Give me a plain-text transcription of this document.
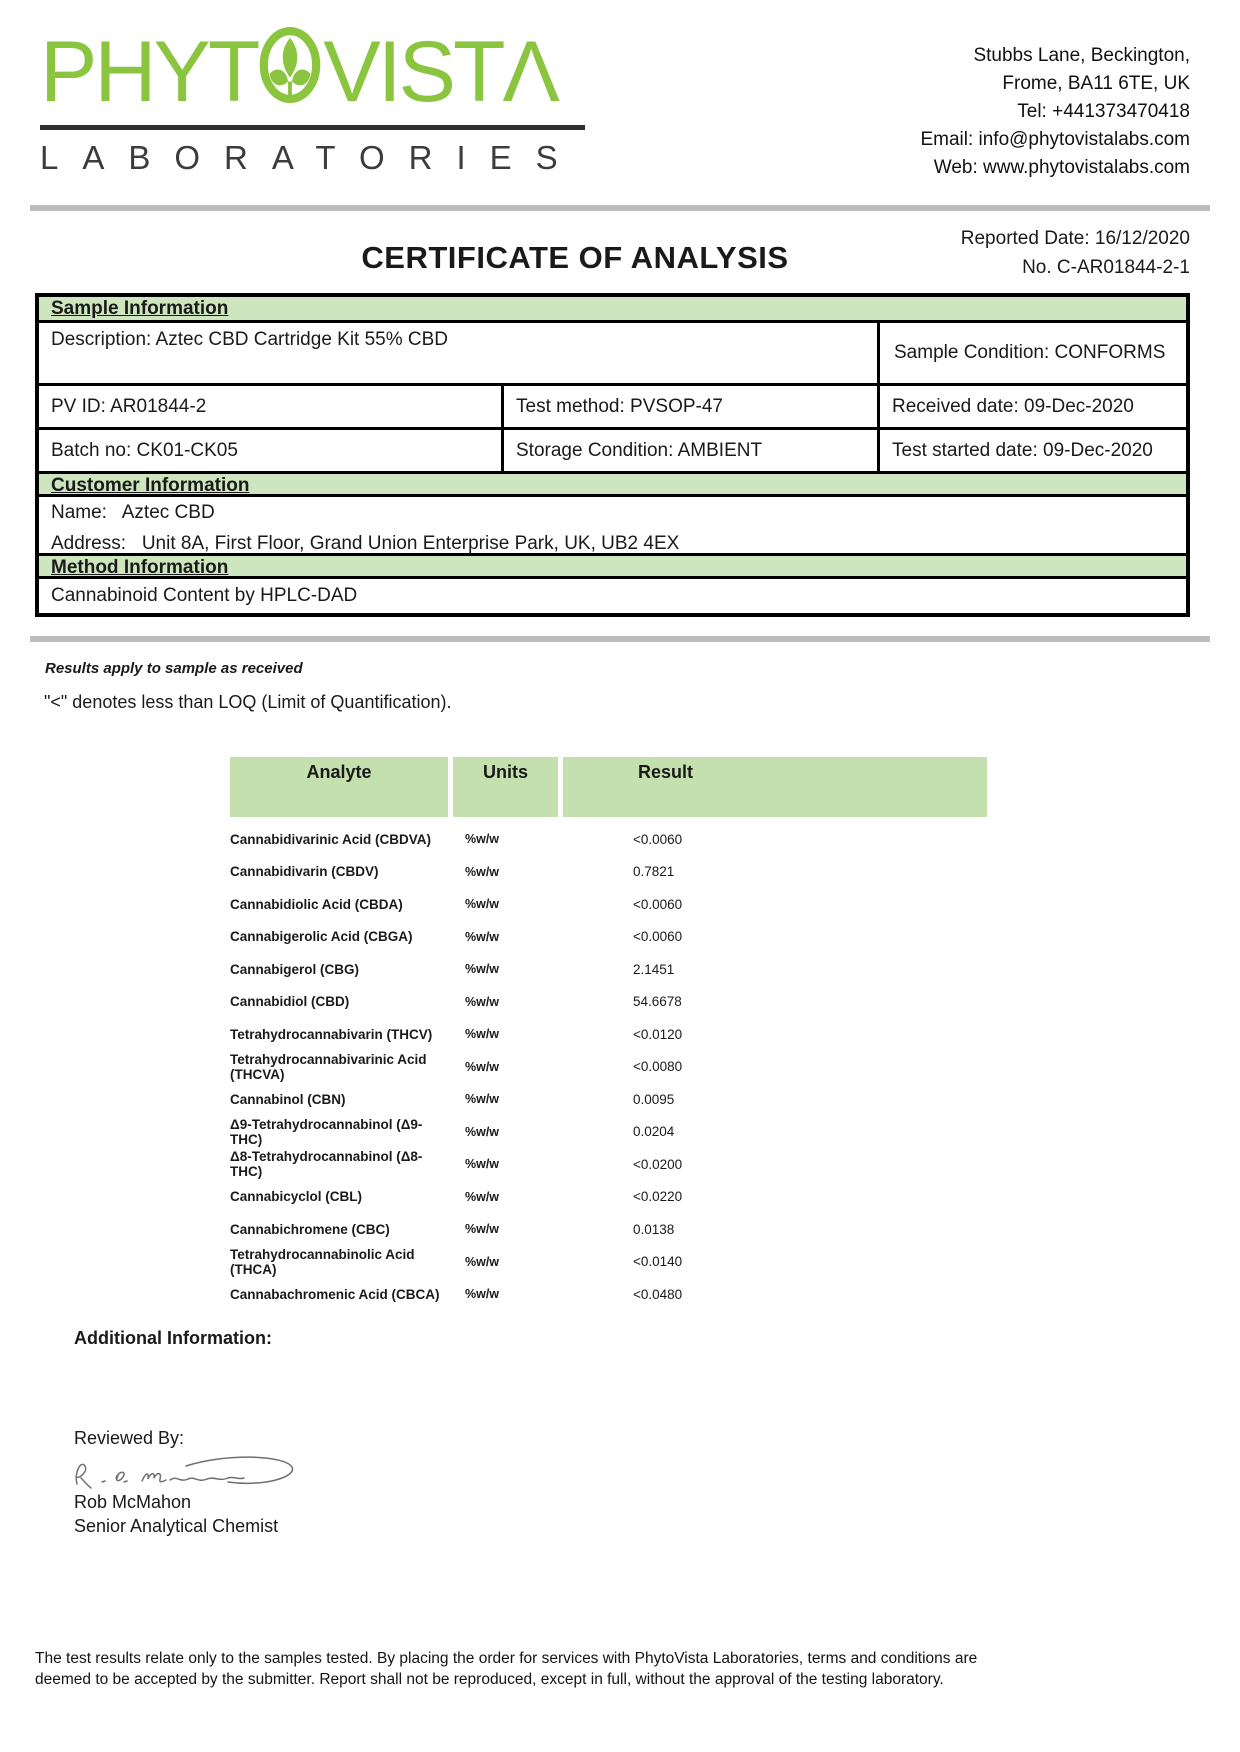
PHYT VISTΛ
LABORATORIES
Stubbs Lane, Beckington,
Frome, BA11 6TE, UK
Tel: +441373470418
Email: info@phytovistalabs.com
Web: www.phytovistalabs.com
Reported Date: 16/12/2020
No. C-AR01844-2-1
CERTIFICATE OF ANALYSIS
Sample Information
Description: Aztec CBD Cartridge Kit 55% CBD
Sample Condition: CONFORMS
PV ID: AR01844-2	Test method: PVSOP-47	Received date: 09-Dec-2020
Batch no: CK01-CK05	Storage Condition: AMBIENT	Test started date: 09-Dec-2020
Customer Information
Name:   Aztec CBD
Address:   Unit 8A, First Floor, Grand Union Enterprise Park, UK, UB2 4EX
Method Information
Cannabinoid Content by HPLC-DAD
Results apply to sample as received
"<" denotes less than LOQ (Limit of Quantification).
Analyte	Units	Result
Cannabidivarinic Acid (CBDVA)	%w/w	<0.0060
Cannabidivarin (CBDV)	%w/w	0.7821
Cannabidiolic Acid (CBDA)	%w/w	<0.0060
Cannabigerolic Acid (CBGA)	%w/w	<0.0060
Cannabigerol (CBG)	%w/w	2.1451
Cannabidiol (CBD)	%w/w	54.6678
Tetrahydrocannabivarin (THCV)	%w/w	<0.0120
Tetrahydrocannabivarinic Acid (THCVA)	%w/w	<0.0080
Cannabinol (CBN)	%w/w	0.0095
Δ9-Tetrahydrocannabinol (Δ9-THC)	%w/w	0.0204
Δ8-Tetrahydrocannabinol (Δ8-THC)	%w/w	<0.0200
Cannabicyclol (CBL)	%w/w	<0.0220
Cannabichromene (CBC)	%w/w	0.0138
Tetrahydrocannabinolic Acid (THCA)	%w/w	<0.0140
Cannabachromenic Acid (CBCA)	%w/w	<0.0480
Additional Information:
Reviewed By:
Rob McMahon
Senior Analytical Chemist
The test results relate only to the samples tested. By placing the order for services with PhytoVista Laboratories, terms and conditions are
deemed to be accepted by the submitter. Report shall not be reproduced, except in full, without the approval of the testing laboratory.
